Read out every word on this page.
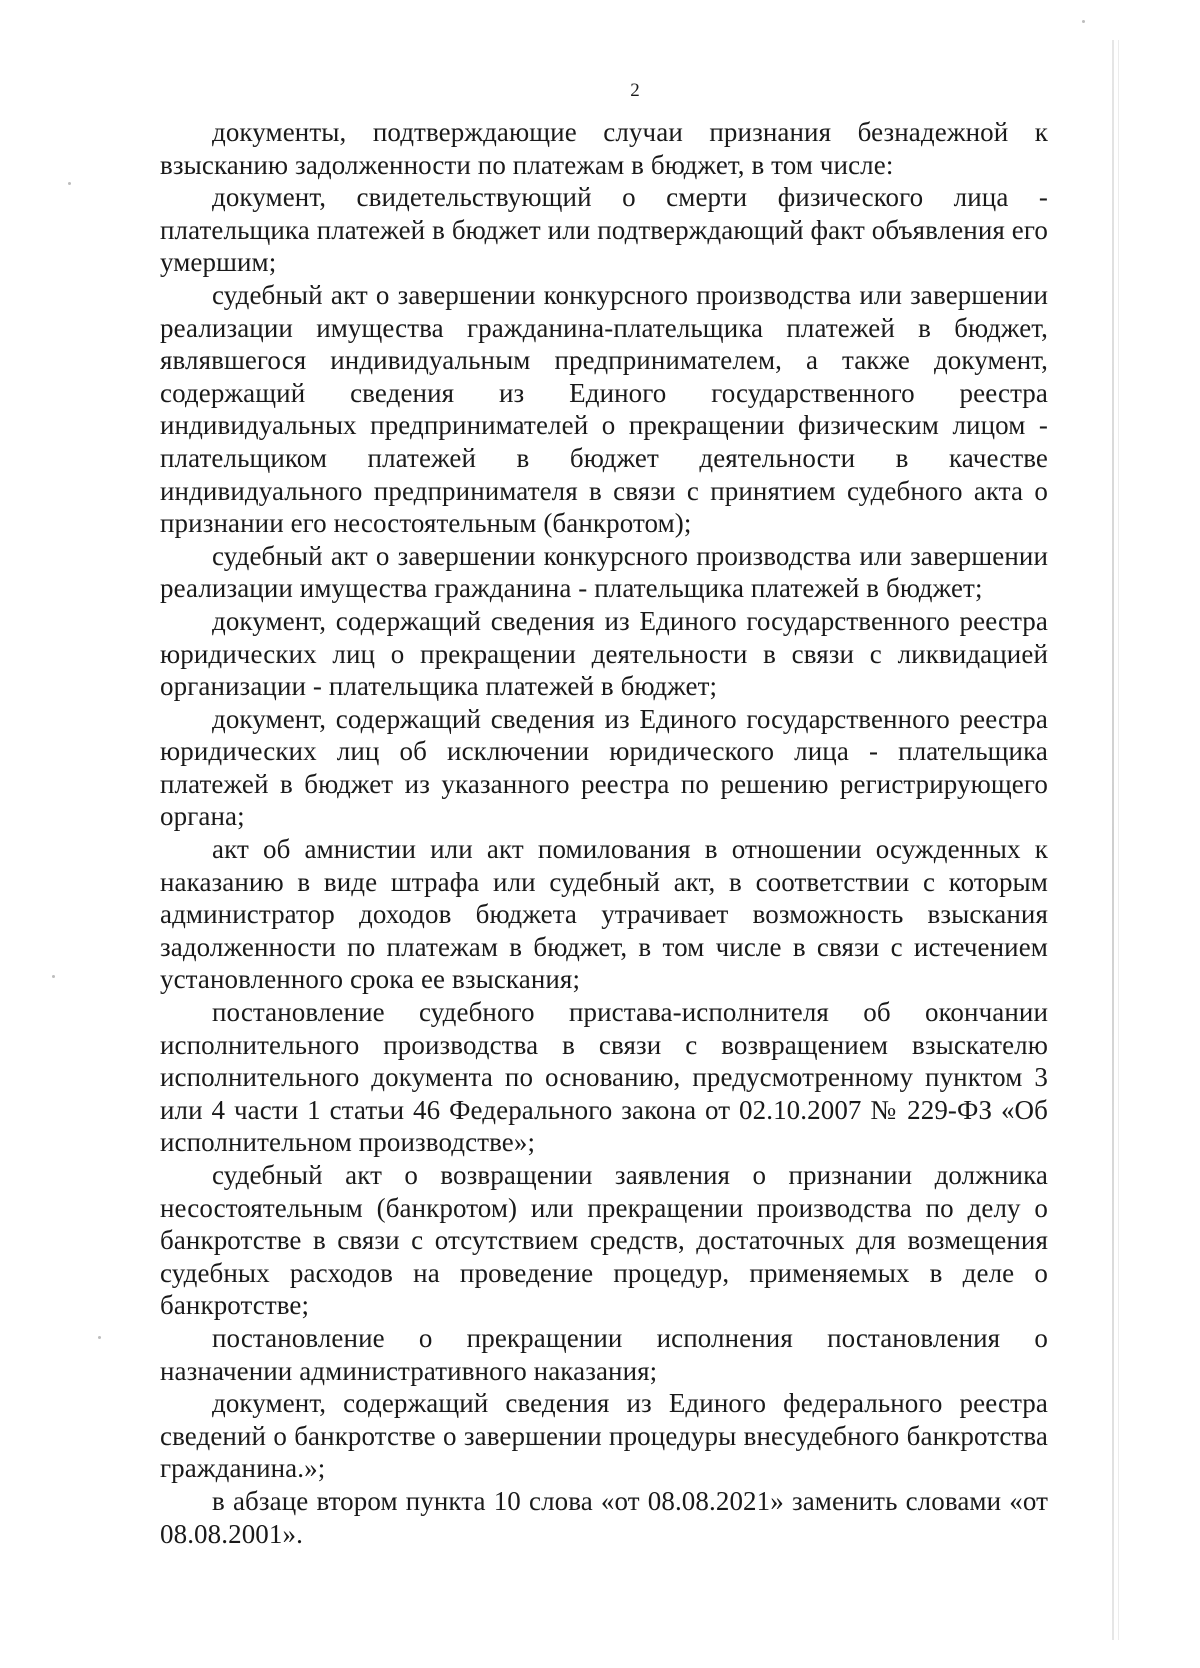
2

документы, подтверждающие случаи признания безнадежной к взысканию задолженности по платежам в бюджет, в том числе:

документ, свидетельствующий о смерти физического лица - плательщика платежей в бюджет или подтверждающий факт объявления его умершим;

судебный акт о завершении конкурсного производства или завершении реализации имущества гражданина-плательщика платежей в бюджет, являвшегося индивидуальным предпринимателем, а также документ, содержащий сведения из Единого государственного реестра индивидуальных предпринимателей о прекращении физическим лицом - плательщиком платежей в бюджет деятельности в качестве индивидуального предпринимателя в связи с принятием судебного акта о признании его несостоятельным (банкротом);

судебный акт о завершении конкурсного производства или завершении реализации имущества гражданина - плательщика платежей в бюджет;

документ, содержащий сведения из Единого государственного реестра юридических лиц о прекращении деятельности в связи с ликвидацией организации - плательщика платежей в бюджет;

документ, содержащий сведения из Единого государственного реестра юридических лиц об исключении юридического лица - плательщика платежей в бюджет из указанного реестра по решению регистрирующего органа;

акт об амнистии или акт помилования в отношении осужденных к наказанию в виде штрафа или судебный акт, в соответствии с которым администратор доходов бюджета утрачивает возможность взыскания задолженности по платежам в бюджет, в том числе в связи с истечением установленного срока ее взыскания;

постановление судебного пристава-исполнителя об окончании исполнительного производства в связи с возвращением взыскателю исполнительного документа по основанию, предусмотренному пунктом 3 или 4 части 1 статьи 46 Федерального закона от 02.10.2007 № 229-ФЗ «Об исполнительном производстве»;

судебный акт о возвращении заявления о признании должника несостоятельным (банкротом) или прекращении производства по делу о банкротстве в связи с отсутствием средств, достаточных для возмещения судебных расходов на проведение процедур, применяемых в деле о банкротстве;

постановление о прекращении исполнения постановления о назначении административного наказания;

документ, содержащий сведения из Единого федерального реестра сведений о банкротстве о завершении процедуры внесудебного банкротства гражданина.»;

в абзаце втором пункта 10 слова «от 08.08.2021» заменить словами «от 08.08.2001».
